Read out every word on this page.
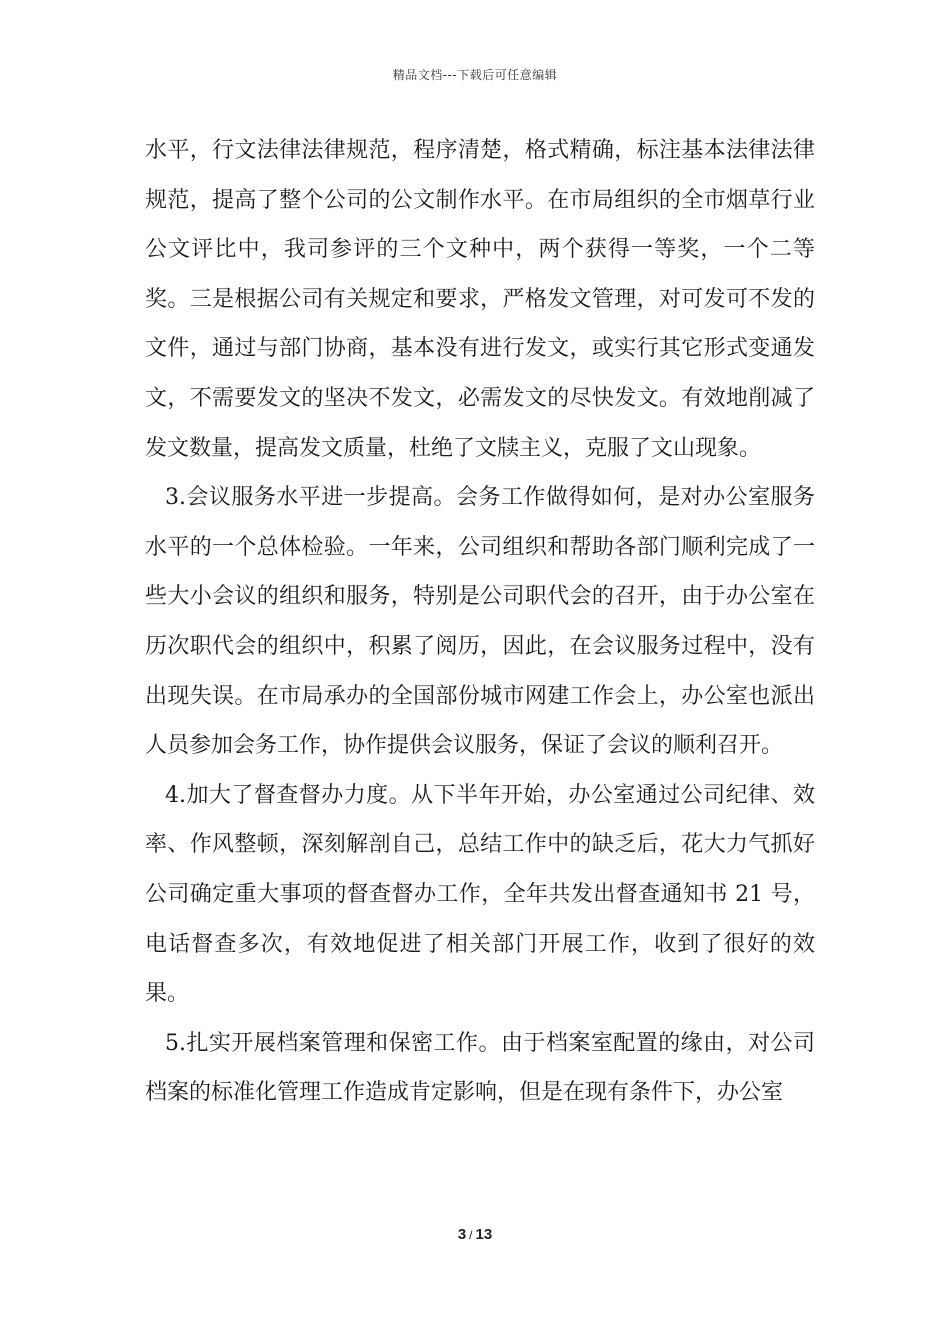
精品文档---下载后可任意编辑

水平，行文法律法律规范，程序清楚，格式精确，标注基本法律法律规范，提高了整个公司的公文制作水平。在市局组织的全市烟草行业公文评比中，我司参评的三个文种中，两个获得一等奖，一个二等奖。三是根据公司有关规定和要求，严格发文管理，对可发可不发的文件，通过与部门协商，基本没有进行发文，或实行其它形式变通发文，不需要发文的坚决不发文，必需发文的尽快发文。有效地削减了发文数量，提高发文质量，杜绝了文牍主义，克服了文山现象。

3.会议服务水平进一步提高。会务工作做得如何，是对办公室服务水平的一个总体检验。一年来，公司组织和帮助各部门顺利完成了一些大小会议的组织和服务，特别是公司职代会的召开，由于办公室在历次职代会的组织中，积累了阅历，因此，在会议服务过程中，没有出现失误。在市局承办的全国部份城市网建工作会上，办公室也派出人员参加会务工作，协作提供会议服务，保证了会议的顺利召开。

4.加大了督查督办力度。从下半年开始，办公室通过公司纪律、效率、作风整顿，深刻解剖自己，总结工作中的缺乏后，花大力气抓好公司确定重大事项的督查督办工作，全年共发出督查通知书 21 号，电话督查多次，有效地促进了相关部门开展工作，收到了很好的效果。

5.扎实开展档案管理和保密工作。由于档案室配置的缘由，对公司档案的标准化管理工作造成肯定影响，但是在现有条件下，办公室

3 / 13
